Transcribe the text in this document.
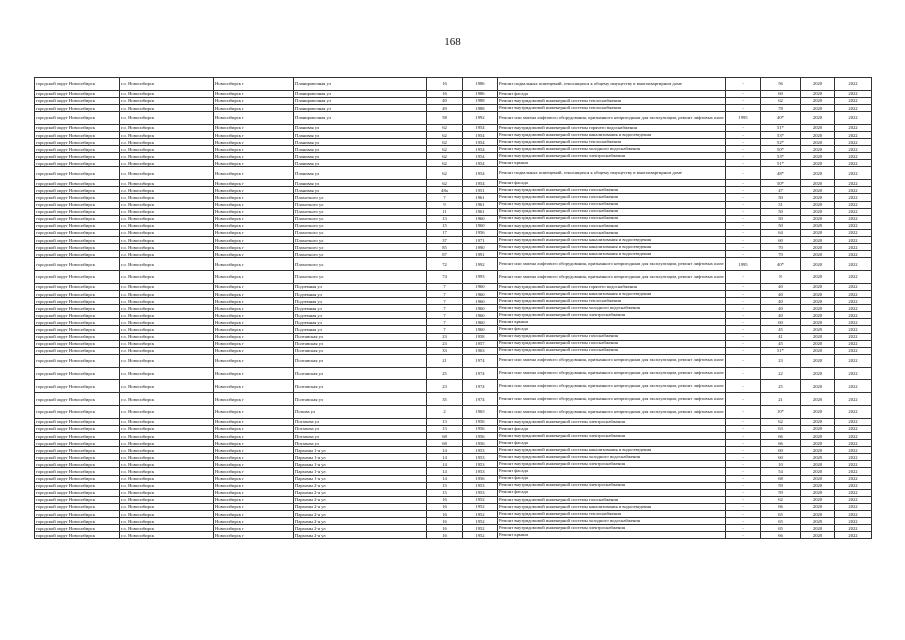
168
городской округ Новосибирск	г.о. Новосибирск	Новосибирск г	Планировочная ул	16	1986	Ремонт подвальных помещений, относящихся к общему имуществу в многоквартирном доме	-	56	2020	2022
городской округ Новосибирск	г.о. Новосибирск	Новосибирск г	Планировочная ул	16	1986	Ремонт фасада	-	60	2020	2022
городской округ Новосибирск	г.о. Новосибирск	Новосибирск г	Планировочная ул	40	1988	Ремонт внутридомовой инженерной системы теплоснабжения	-	62	2020	2022
городской округ Новосибирск	г.о. Новосибирск	Новосибирск г	Планировочная ул	49	1988	Ремонт внутридомовой инженерной системы теплоснабжения	-	78	2020	2022
городской округ Новосибирск	г.о. Новосибирск	Новосибирск г	Планировочная ул	58	1992	Ремонт или замена лифтового оборудования, признанного непригодным для эксплуатации, ремонт лифтовых шахт	1995	40*	2020	2022
городской округ Новосибирск	г.о. Новосибирск	Новосибирск г	Плановая ул	62	1954	Ремонт внутридомовой инженерной системы горячего водоснабжения	-	51*	2020	2022
городской округ Новосибирск	г.о. Новосибирск	Новосибирск г	Плановая ул	62	1954	Ремонт внутридомовой инженерной системы канализования и водоотведения	-	53*	2020	2022
городской округ Новосибирск	г.о. Новосибирск	Новосибирск г	Плановая ул	62	1954	Ремонт внутридомовой инженерной системы теплоснабжения	-	52*	2020	2022
городской округ Новосибирск	г.о. Новосибирск	Новосибирск г	Плановая ул	62	1954	Ремонт внутридомовой инженерной системы холодного водоснабжения	-	50*	2020	2022
городской округ Новосибирск	г.о. Новосибирск	Новосибирск г	Плановая ул	62	1954	Ремонт внутридомовой инженерной системы электроснабжения	-	53*	2020	2022
городской округ Новосибирск	г.о. Новосибирск	Новосибирск г	Плановая ул	62	1954	Ремонт крыши	-	51*	2020	2022
городской округ Новосибирск	г.о. Новосибирск	Новосибирск г	Плановая ул	62	1954	Ремонт подвальных помещений, относящихся к общему имуществу в многоквартирном доме	-	48*	2020	2022
городской округ Новосибирск	г.о. Новосибирск	Новосибирск г	Плановая ул	62	1954	Ремонт фасада	-	50*	2020	2022
городской округ Новосибирск	г.о. Новосибирск	Новосибирск г	Плановая ул	48а	1951	Ремонт внутридомовой инженерной системы газоснабжения	-	47	2020	2022
городской округ Новосибирск	г.о. Новосибирск	Новосибирск г	Плахотного ул	7	1961	Ремонт внутридомовой инженерной системы газоснабжения	-	50	2020	2022
городской округ Новосибирск	г.о. Новосибирск	Новосибирск г	Плахотного ул	9	1961	Ремонт внутридомовой инженерной системы газоснабжения	-	51	2020	2022
городской округ Новосибирск	г.о. Новосибирск	Новосибирск г	Плахотного ул	11	1961	Ремонт внутридомовой инженерной системы газоснабжения	-	50	2020	2022
городской округ Новосибирск	г.о. Новосибирск	Новосибирск г	Плахотного ул	13	1960	Ремонт внутридомовой инженерной системы газоснабжения	-	50	2020	2022
городской округ Новосибирск	г.о. Новосибирск	Новосибирск г	Плахотного ул	15	1960	Ремонт внутридомовой инженерной системы газоснабжения	-	50	2020	2022
городской округ Новосибирск	г.о. Новосибирск	Новосибирск г	Плахотного ул	17	1956	Ремонт внутридомовой инженерной системы газоснабжения	-	64	2020	2022
городской округ Новосибирск	г.о. Новосибирск	Новосибирск г	Плахотного ул	37	1971	Ремонт внутридомовой инженерной системы канализования и водоотведения	-	60	2020	2022
городской округ Новосибирск	г.о. Новосибирск	Новосибирск г	Плахотного ул	85	1990	Ремонт внутридомовой инженерной системы канализования и водоотведения	-	70	2020	2022
городской округ Новосибирск	г.о. Новосибирск	Новосибирск г	Плахотного ул	87	1991	Ремонт внутридомовой инженерной системы канализования и водоотведения	-	70	2020	2022
городской округ Новосибирск	г.о. Новосибирск	Новосибирск г	Плахотного ул	72	1992	Ремонт или замена лифтового оборудования, признанного непригодным для эксплуатации, ремонт лифтовых шахт	1995	40*	2020	2022
городской округ Новосибирск	г.о. Новосибирск	Новосибирск г	Плахотного ул	74	1993	Ремонт или замена лифтового оборудования, признанного непригодным для эксплуатации, ремонт лифтовых шахт	-	8	2020	2022
городской округ Новосибирск	г.о. Новосибирск	Новосибирск г	Подземная ул	7	1960	Ремонт внутридомовой инженерной системы горячего водоснабжения	-	40	2020	2022
городской округ Новосибирск	г.о. Новосибирск	Новосибирск г	Подземная ул	7	1960	Ремонт внутридомовой инженерной системы канализования и водоотведения	-	40	2020	2022
городской округ Новосибирск	г.о. Новосибирск	Новосибирск г	Подземная ул	7	1960	Ремонт внутридомовой инженерной системы теплоснабжения	-	40	2020	2022
городской округ Новосибирск	г.о. Новосибирск	Новосибирск г	Подземная ул	7	1960	Ремонт внутридомовой инженерной системы холодного водоснабжения	-	40	2020	2022
городской округ Новосибирск	г.о. Новосибирск	Новосибирск г	Подземная ул	7	1960	Ремонт внутридомовой инженерной системы электроснабжения	-	40	2020	2022
городской округ Новосибирск	г.о. Новосибирск	Новосибирск г	Подземная ул	7	1960	Ремонт крыши	-	60	2020	2022
городской округ Новосибирск	г.о. Новосибирск	Новосибирск г	Подземная ул	7	1960	Ремонт фасада	-	45	2020	2022
городской округ Новосибирск	г.о. Новосибирск	Новосибирск г	Полтавская ул	23	1958	Ремонт внутридомовой инженерной системы газоснабжения	-	41	2020	2022
городской округ Новосибирск	г.о. Новосибирск	Новосибирск г	Полтавская ул	23	1957	Ремонт внутридомовой инженерной системы газоснабжения	-	45	2020	2022
городской округ Новосибирск	г.о. Новосибирск	Новосибирск г	Полтавская ул	33	1963	Ремонт внутридомовой инженерной системы газоснабжения	-	51*	2020	2022
городской округ Новосибирск	г.о. Новосибирск	Новосибирск г	Полтавская ул	21	1974	Ремонт или замена лифтового оборудования, признанного непригодным для эксплуатации, ремонт лифтовых шахт	-	23	2020	2022
городской округ Новосибирск	г.о. Новосибирск	Новосибирск г	Полтавская ул	25	1974	Ремонт или замена лифтового оборудования, признанного непригодным для эксплуатации, ремонт лифтовых шахт	-	22	2020	2022
городской округ Новосибирск	г.о. Новосибирск	Новосибирск г	Полтавская ул	23	1974	Ремонт или замена лифтового оборудования, признанного непригодным для эксплуатации, ремонт лифтовых шахт	-	25	2020	2022
городской округ Новосибирск	г.о. Новосибирск	Новосибирск г	Полтавская ул	35	1974	Ремонт или замена лифтового оборудования, признанного непригодным для эксплуатации, ремонт лифтовых шахт	-	21	2020	2022
городской округ Новосибирск	г.о. Новосибирск	Новосибирск г	Попова ул	2	1965	Ремонт или замена лифтового оборудования, признанного непригодным для эксплуатации, ремонт лифтовых шахт	-	10*	2020	2022
городской округ Новосибирск	г.о. Новосибирск	Новосибирск г	Потапова ул	13	1956	Ремонт внутридомовой инженерной системы электроснабжения	-	62	2020	2022
городской округ Новосибирск	г.о. Новосибирск	Новосибирск г	Потапова ул	13	1956	Ремонт фасада	-	63	2020	2022
городской округ Новосибирск	г.о. Новосибирск	Новосибирск г	Потапова ул	68	1956	Ремонт внутридомовой инженерной системы электроснабжения	-	66	2020	2022
городской округ Новосибирск	г.о. Новосибирск	Новосибирск г	Потапова ул	68	1956	Ремонт фасада	-	66	2020	2022
городской округ Новосибирск	г.о. Новосибирск	Новосибирск г	Пархомы 1-я ул	14	1953	Ремонт внутридомовой инженерной системы канализования и водоотведения	-	60	2020	2022
городской округ Новосибирск	г.о. Новосибирск	Новосибирск г	Пархомы 1-я ул	14	1953	Ремонт внутридомовой инженерной системы холодного водоснабжения	-	60	2020	2022
городской округ Новосибирск	г.о. Новосибирск	Новосибирск г	Пархомы 1-я ул	14	1953	Ремонт внутридомовой инженерной системы электроснабжения	-	10	2020	2022
городской округ Новосибирск	г.о. Новосибирск	Новосибирск г	Пархомы 1-я ул	14	1953	Ремонт фасада	-	54	2020	2022
городской округ Новосибирск	г.о. Новосибирск	Новосибирск г	Пархомы 1-я ул	14	1956	Ремонт фасада	-	68	2020	2022
городской округ Новосибирск	г.о. Новосибирск	Новосибирск г	Пархомы 2-я ул	15	1953	Ремонт внутридомовой инженерной системы электроснабжения	-	59	2020	2022
городской округ Новосибирск	г.о. Новосибирск	Новосибирск г	Пархомы 2-я ул	15	1953	Ремонт фасада	-	59	2020	2022
городской округ Новосибирск	г.о. Новосибирск	Новосибирск г	Пархомы 2-я ул	16	1952	Ремонт внутридомовой инженерной системы газоснабжения	-	62	2020	2022
городской округ Новосибирск	г.о. Новосибирск	Новосибирск г	Пархомы 2-я ул	16	1952	Ремонт внутридомовой инженерной системы канализования и водоотведения	-	66	2020	2022
городской округ Новосибирск	г.о. Новосибирск	Новосибирск г	Пархомы 2-я ул	16	1952	Ремонт внутридомовой инженерной системы теплоснабжения	-	65	2020	2022
городской округ Новосибирск	г.о. Новосибирск	Новосибирск г	Пархомы 2-я ул	16	1952	Ремонт внутридомовой инженерной системы холодного водоснабжения	-	65	2020	2022
городской округ Новосибирск	г.о. Новосибирск	Новосибирск г	Пархомы 2-я ул	16	1952	Ремонт внутридомовой инженерной системы электроснабжения	-	65	2020	2022
городской округ Новосибирск	г.о. Новосибирск	Новосибирск г	Пархомы 2-я ул	16	1952	Ремонт крыши	-	66	2020	2022
